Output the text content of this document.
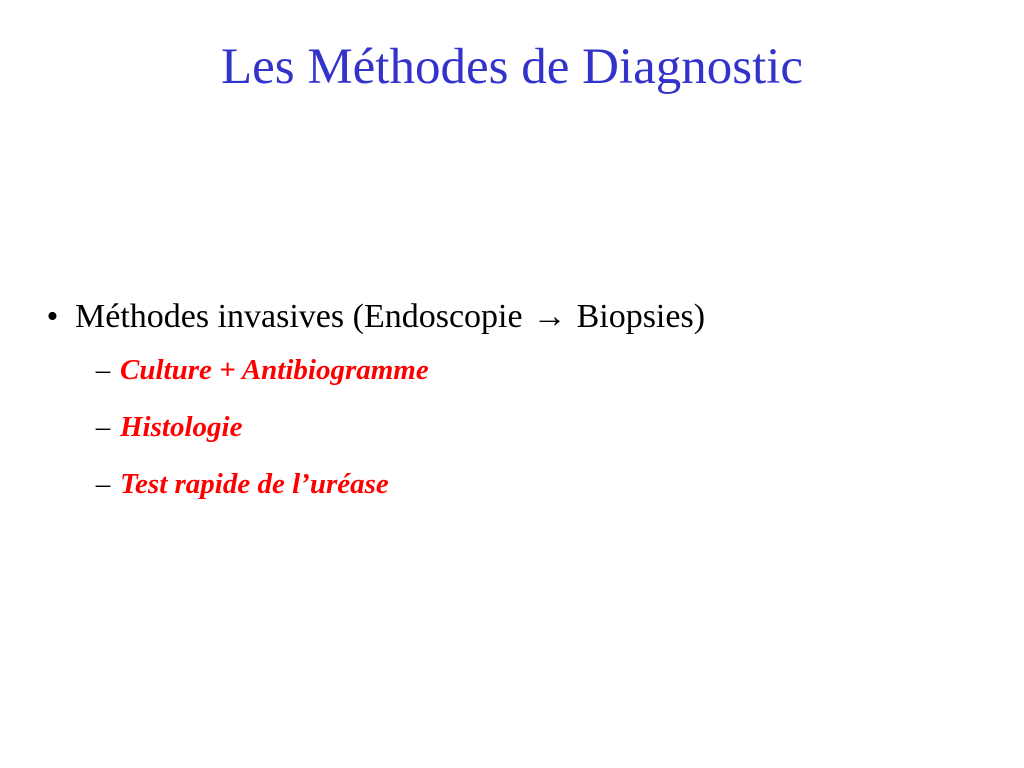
Les Méthodes de Diagnostic
• Méthodes invasives (Endoscopie → Biopsies)
– Culture + Antibiogramme
– Histologie
– Test rapide de l’uréase
